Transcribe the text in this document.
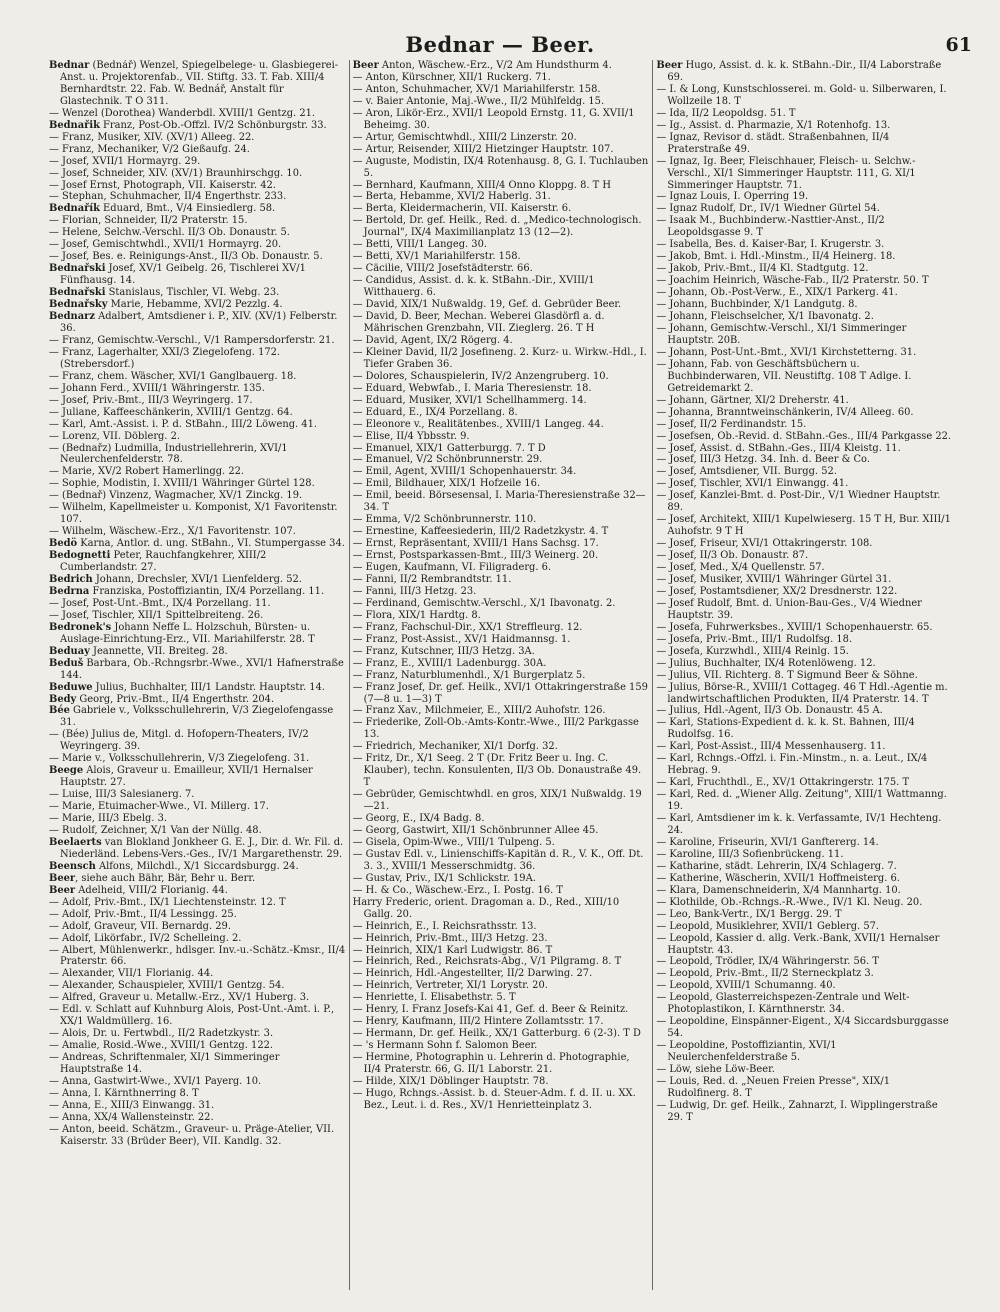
Bednar — Beer.	61

Bednar (Bednář) Wenzel, Spiegelbelege- u. Glasbiegerei-Anst. u. Projektorenfab., VII. Stiftg. 33. T. Fab. XIII/4 Bernhardtstr. 22. Fab. W. Bednář, Anstalt für Glastechnik. T O 311.

— Wenzel (Dorothea) Wanderbdl. XVIII/1 Gentzg. 21.

Bednařik Franz, Post-Ob.-Offzl. IV/2 Schönburgstr. 33.

— Franz, Musiker, XIV. (XV/1) Alleeg. 22.

— Franz, Mechaniker, V/2 Gießaufg. 24.

— Josef, XVII/1 Hormayrg. 29.

— Josef, Schneider, XIV. (XV/1) Braunhirschgg. 10.

— Josef Ernst, Photograph, VII. Kaiserstr. 42.

— Stephan, Schuhmacher, II/4 Engerthstr. 233.

Bednařík Eduard, Bmt., V/4 Einsiedlerg. 58.

— Florian, Schneider, II/2 Praterstr. 15.

— Helene, Selchw.-Verschl. II/3 Ob. Donaustr. 5.

— Josef, Gemischtwhdl., XVII/1 Hormayrg. 20.

— Josef, Bes. e. Reinigungs-Anst., II/3 Ob. Donaustr. 5.

Bednařski Josef, XV/1 Geibelg. 26, Tischlerei XV/1 Fünfhausg. 14.

Bednařski Stanislaus, Tischler, VI. Webg. 23.

Bednařsky Marie, Hebamme, XVI/2 Pezzlg. 4.

Bednarz Adalbert, Amtsdiener i. P., XIV. (XV/1) Felberstr. 36.

— Franz, Gemischtw.-Verschl., V/1 Rampersdorferstr. 21.

— Franz, Lagerhalter, XXI/3 Ziegelofeng. 172. (Strebersdorf.)

— Franz, chem. Wäscher, XVI/1 Ganglbauerg. 18.

— Johann Ferd., XVIII/1 Währingerstr. 135.

— Josef, Priv.-Bmt., III/3 Weyringerg. 17.

— Juliane, Kaffeeschänkerin, XVIII/1 Gentzg. 64.

— Karl, Amt.-Assist. i. P. d. StBahn., III/2 Löweng. 41.

— Lorenz, VII. Döblerg. 2.

— (Bednařz) Ludmilla, Industriellehrerin, XVI/1 Neulerchenfelderstr. 78.

— Marie, XV/2 Robert Hamerlingg. 22.

— Sophie, Modistin, I. XVIII/1 Währinger Gürtel 128.

— (Bednař) Vinzenz, Wagmacher, XV/1 Zinckg. 19.

— Wilhelm, Kapellmeister u. Komponist, X/1 Favoritenstr. 107.

— Wilhelm, Wäschew.-Erz., X/1 Favoritenstr. 107.

Bedö Karna, Antlor. d. ung. StBahn., VI. Stumpergasse 34.

Bedognetti Peter, Rauchfangkehrer, XIII/2 Cumberlandstr. 27.

Bedrich Johann, Drechsler, XVI/1 Lienfelderg. 52.

Bedrna Franziska, Postoffiziantin, IX/4 Porzellang. 11.

— Josef, Post-Unt.-Bmt., IX/4 Porzellang. 11.

— Josef, Tischler, XII/1 Spittelbreiteng. 26.

Bedronek's Johann Neffe L. Holzschuh, Bürsten- u. Auslage-Einrichtung-Erz., VII. Mariahilferstr. 28. T

Beduay Jeannette, VII. Breiteg. 28.

Beduš Barbara, Ob.-Rchngsrbr.-Wwe., XVI/1 Hafnerstraße 144.

Beduwe Julius, Buchhalter, III/1 Landstr. Hauptstr. 14.

Bedy Georg, Priv.-Bmt., II/4 Engerthstr. 204.

Bée Gabriele v., Volksschullehrerin, V/3 Ziegelofengasse 31.

— (Bée) Julius de, Mitgl. d. Hofopern-Theaters, IV/2 Weyringerg. 39.

— Marie v., Volksschullehrerin, V/3 Ziegelofeng. 31.

Beege Alois, Graveur u. Emailleur, XVII/1 Hernalser Hauptstr. 27.

— Luise, III/3 Salesianerg. 7.

— Marie, Etuimacher-Wwe., VI. Millerg. 17.

— Marie, III/3 Ebelg. 3.

— Rudolf, Zeichner, X/1 Van der Nüllg. 48.

Beelaerts van Blokland Jonkheer G. E. J., Dir. d. Wr. Fil. d. Niederländ. Lebens-Vers.-Ges., IV/1 Margarethenstr. 29.

Beensch Alfons, Milchdl., X/1 Siccardsburgg. 24.

Beer, siehe auch Bähr, Bär, Behr u. Berr.

Beer Adelheid, VIII/2 Florianig. 44.

— Adolf, Priv.-Bmt., IX/1 Liechtensteinstr. 12. T

— Adolf, Priv.-Bmt., II/4 Lessingg. 25.

— Adolf, Graveur, VII. Bernardg. 29.

— Adolf, Likörfabr., IV/2 Schelleing. 2.

— Albert, Mühlenwerkr., hdlsger. Inv.-u.-Schätz.-Kmsr., II/4 Praterstr. 66.

— Alexander, VII/1 Florianig. 44.

— Alexander, Schauspieler, XVIII/1 Gentzg. 54.

— Alfred, Graveur u. Metallw.-Erz., XV/1 Huberg. 3.

— Edl. v. Schlatt auf Kuhnburg Alois, Post-Unt.-Amt. i. P., XX/1 Waldmüllerg. 16.

— Alois, Dr. u. Fertwbdl., II/2 Radetzkystr. 3.

— Amalie, Rosid.-Wwe., XVIII/1 Gentzg. 122.

— Andreas, Schriftenmaler, XI/1 Simmeringer Hauptstraße 14.

— Anna, Gastwirt-Wwe., XVI/1 Payerg. 10.

— Anna, I. Kärnthnerring 8. T

— Anna, E., XIII/3 Einwangg. 31.

— Anna, XX/4 Wallensteinstr. 22.

— Anton, beeid. Schätzm., Graveur- u. Präge-Atelier, VII. Kaiserstr. 33 (Brüder Beer), VII. Kandlg. 32.

Beer Anton, Wäschew.-Erz., V/2 Am Hundsthurm 4.

— Anton, Kürschner, XII/1 Ruckerg. 71.

— Anton, Schuhmacher, XV/1 Mariahilferstr. 158.

— v. Baier Antonie, Maj.-Wwe., II/2 Mühlfeldg. 15.

— Aron, Likör-Erz., XVII/1 Leopold Ernstg. 11, G. XVII/1 Beheimg. 30.

— Artur, Gemischtwhdl., XIII/2 Linzerstr. 20.

— Artur, Reisender, XIII/2 Hietzinger Hauptstr. 107.

— Auguste, Modistin, IX/4 Rotenhausg. 8, G. I. Tuchlauben 5.

— Bernhard, Kaufmann, XIII/4 Onno Kloppg. 8. T H

— Berta, Hebamme, XVI/2 Haberlg. 31.

— Berta, Kleidermacherin, VII. Kaiserstr. 6.

— Bertold, Dr. gef. Heilk., Red. d. „Medico-technologisch. Journal", IX/4 Maximilianplatz 13 (12—2).

— Betti, VIII/1 Langeg. 30.

— Betti, XV/1 Mariahilferstr. 158.

— Cäcilie, VIII/2 Josefstädterstr. 66.

— Candidus, Assist. d. k. k. StBahn.-Dir., XVIII/1 Witthauerg. 6.

— David, XIX/1 Nußwaldg. 19, Gef. d. Gebrüder Beer.

— David, D. Beer, Mechan. Weberei Glasdörfl a. d. Mährischen Grenzbahn, VII. Zieglerg. 26. T H

— David, Agent, IX/2 Rögerg. 4.

— Kleiner David, II/2 Josefineng. 2. Kurz- u. Wirkw.-Hdl., I. Tiefer Graben 36.

— Dolores, Schauspielerin, IV/2 Anzengruberg. 10.

— Eduard, Webwfab., I. Maria Theresienstr. 18.

— Eduard, Musiker, XVI/1 Schellhammerg. 14.

— Eduard, E., IX/4 Porzellang. 8.

— Eleonore v., Realitätenbes., XVIII/1 Langeg. 44.

— Elise, II/4 Ybbsstr. 9.

— Emanuel, XIX/1 Gatterburgg. 7. T D

— Emanuel, V/2 Schönbrunnerstr. 29.

— Emil, Agent, XVIII/1 Schopenhauerstr. 34.

— Emil, Bildhauer, XIX/1 Hofzeile 16.

— Emil, beeid. Börsesensal, I. Maria-Theresienstraße 32—34. T

— Emma, V/2 Schönbrunnerstr. 110.

— Ernestine, Kaffeesiederin, III/2 Radetzkystr. 4. T

— Ernst, Repräsentant, XVIII/1 Hans Sachsg. 17.

— Ernst, Postsparkassen-Bmt., III/3 Weinerg. 20.

— Eugen, Kaufmann, VI. Filigraderg. 6.

— Fanni, II/2 Rembrandtstr. 11.

— Fanni, III/3 Hetzg. 23.

— Ferdinand, Gemischtw.-Verschl., X/1 Ibavonatg. 2.

— Flora, XIX/1 Hardtg. 8.

— Franz, Fachschul-Dir., XX/1 Streffleurg. 12.

— Franz, Post-Assist., XV/1 Haidmannsg. 1.

— Franz, Kutschner, III/3 Hetzg. 3A.

— Franz, E., XVIII/1 Ladenburgg. 30A.

— Franz, Naturblumenhdl., X/1 Burgerplatz 5.

— Franz Josef, Dr. gef. Heilk., XVI/1 Ottakringerstraße 159 (7—8 u. 1—3) T

— Franz Xav., Milchmeier, E., XIII/2 Auhofstr. 126.

— Friederike, Zoll-Ob.-Amts-Kontr.-Wwe., III/2 Parkgasse 13.

— Friedrich, Mechaniker, XI/1 Dorfg. 32.

— Fritz, Dr., X/1 Seeg. 2 T (Dr. Fritz Beer u. Ing. C. Klauber), techn. Konsulenten, II/3 Ob. Donaustraße 49. T

— Gebrüder, Gemischtwhdl. en gros, XIX/1 Nußwaldg. 19—21.

— Georg, E., IX/4 Badg. 8.

— Georg, Gastwirt, XII/1 Schönbrunner Allee 45.

— Gisela, Opim-Wwe., VIII/1 Tulpeng. 5.

— Gustav Edl. v., Linienschiffs-Kapitän d. R., V. K., Off. Dt. 3. 3., XVIII/1 Messerschmidtg. 36.

— Gustav, Priv., IX/1 Schlickstr. 19A.

— H. & Co., Wäschew.-Erz., I. Postg. 16. T

Harry Frederic, orient. Dragoman a. D., Red., XIII/10 Gallg. 20.

— Heinrich, E., I. Reichsrathsstr. 13.

— Heinrich, Priv.-Bmt., III/3 Hetzg. 23.

— Heinrich, XIX/1 Karl Ludwigstr. 86. T

— Heinrich, Red., Reichsrats-Abg., V/1 Pilgramg. 8. T

— Heinrich, Hdl.-Angestellter, II/2 Darwing. 27.

— Heinrich, Vertreter, XI/1 Lorystr. 20.

— Henriette, I. Elisabethstr. 5. T

— Henry, I. Franz Josefs-Kai 41, Gef. d. Beer & Reinitz.

— Henry, Kaufmann, III/2 Hintere Zollamtsstr. 17.

— Hermann, Dr. gef. Heilk., XX/1 Gatterburg. 6 (2-3). T D

— 's Hermann Sohn f. Salomon Beer.

— Hermine, Photographin u. Lehrerin d. Photographie, II/4 Praterstr. 66, G. II/1 Laborstr. 21.

— Hilde, XIX/1 Döblinger Hauptstr. 78.

— Hugo, Rchngs.-Assist. b. d. Steuer-Adm. f. d. II. u. XX. Bez., Leut. i. d. Res., XV/1 Henrietteinplatz 3.

Beer Hugo, Assist. d. k. k. StBahn.-Dir., II/4 Laborstraße 69.

— I. & Long, Kunstschlosserei. m. Gold- u. Silberwaren, I. Wollzeile 18. T

— Ida, II/2 Leopoldsg. 51. T

— Ig., Assist. d. Pharmazie, X/1 Rotenhofg. 13.

— Ignaz, Revisor d. städt. Straßenbahnen, II/4 Praterstraße 49.

— Ignaz, Ig. Beer, Fleischhauer, Fleisch- u. Selchw.-Verschl., XI/1 Simmeringer Hauptstr. 111, G. XI/1 Simmeringer Hauptstr. 71.

— Ignaz Louis, I. Operring 19.

— Ignaz Rudolf, Dr., IV/1 Wiedner Gürtel 54.

— Isaak M., Buchbinderw.-Nasttier-Anst., II/2 Leopoldsgasse 9. T

— Isabella, Bes. d. Kaiser-Bar, I. Krugerstr. 3.

— Jakob, Bmt. i. Hdl.-Minstm., II/4 Heinerg. 18.

— Jakob, Priv.-Bmt., II/4 Kl. Stadtgutg. 12.

— Joachim Heinrich, Wäsche-Fab., II/2 Praterstr. 50. T

— Johann, Ob.-Post-Verw., E., XIX/1 Parkerg. 41.

— Johann, Buchbinder, X/1 Landgutg. 8.

— Johann, Fleischselcher, X/1 Ibavonatg. 2.

— Johann, Gemischtw.-Verschl., XI/1 Simmeringer Hauptstr. 20B.

— Johann, Post-Unt.-Bmt., XVI/1 Kirchstetterng. 31.

— Johann, Fab. von Geschäftsbüchern u. Buchbinderwaren, VII. Neustiftg. 108 T Adlge. I. Getreidemarkt 2.

— Johann, Gärtner, XI/2 Dreherstr. 41.

— Johanna, Branntweinschänkerin, IV/4 Alleeg. 60.

— Josef, II/2 Ferdinandstr. 15.

— Josefsen, Ob.-Revid. d. StBahn.-Ges., III/4 Parkgasse 22.

— Josef, Assist. d. StBahn.-Ges., III/4 Kleistg. 11.

— Josef, III/3 Hetzg. 34. Inh. d. Beer & Co.

— Josef, Amtsdiener, VII. Burgg. 52.

— Josef, Tischler, XVI/1 Einwangg. 41.

— Josef, Kanzlei-Bmt. d. Post-Dir., V/1 Wiedner Hauptstr. 89.

— Josef, Architekt, XIII/1 Kupelwieserg. 15 T H, Bur. XIII/1 Auhofstr. 9 T H

— Josef, Friseur, XVI/1 Ottakringerstr. 108.

— Josef, II/3 Ob. Donaustr. 87.

— Josef, Med., X/4 Quellenstr. 57.

— Josef, Musiker, XVIII/1 Währinger Gürtel 31.

— Josef, Postamtsdiener, XX/2 Dresdnerstr. 122.

— Josef Rudolf, Bmt. d. Union-Bau-Ges., V/4 Wiedner Hauptstr. 39.

— Josefa, Fuhrwerksbes., XVIII/1 Schopenhauerstr. 65.

— Josefa, Priv.-Bmt., III/1 Rudolfsg. 18.

— Josefa, Kurzwhdl., XIII/4 Reinlg. 15.

— Julius, Buchhalter, IX/4 Rotenlöweng. 12.

— Julius, VII. Richterg. 8. T Sigmund Beer & Söhne.

— Julius, Börse-R., XVIII/1 Cottageg. 46 T Hdl.-Agentie m. landwirtschaftlichen Produkten, II/4 Praterstr. 14. T

— Julius, Hdl.-Agent, II/3 Ob. Donaustr. 45 A.

— Karl, Stations-Expedient d. k. k. St. Bahnen, III/4 Rudolfsg. 16.

— Karl, Post-Assist., III/4 Messenhauserg. 11.

— Karl, Rchngs.-Offzl. i. Fin.-Minstm., n. a. Leut., IX/4 Hebrag. 9.

— Karl, Fruchthdl., E., XV/1 Ottakringerstr. 175. T

— Karl, Red. d. „Wiener Allg. Zeitung", XIII/1 Wattmanng. 19.

— Karl, Amtsdiener im k. k. Verfassamte, IV/1 Hechteng. 24.

— Karoline, Friseurin, XVI/1 Ganftererg. 14.

— Karoline, III/3 Sofienbrückeng. 11.

— Katharine, städt. Lehrerin, IX/4 Schlagerg. 7.

— Katherine, Wäscherin, XVII/1 Hoffmeisterg. 6.

— Klara, Damenschneiderin, X/4 Mannhartg. 10.

— Klothilde, Ob.-Rchngs.-R.-Wwe., IV/1 Kl. Neug. 20.

— Leo, Bank-Vertr., IX/1 Bergg. 29. T

— Leopold, Musiklehrer, XVII/1 Geblerg. 57.

— Leopold, Kassier d. allg. Verk.-Bank, XVII/1 Hernalser Hauptstr. 43.

— Leopold, Trödler, IX/4 Währingerstr. 56. T

— Leopold, Priv.-Bmt., II/2 Sterneckplatz 3.

— Leopold, XVIII/1 Schumanng. 40.

— Leopold, Glasterreichspezen-Zentrale und Welt-Photoplastikon, I. Kärnthnerstr. 34.

— Leopoldine, Einspänner-Eigent., X/4 Siccardsburggasse 54.

— Leopoldine, Postoffiziantin, XVI/1 Neulerchenfelderstraße 5.

— Löw, siehe Löw-Beer.

— Louis, Red. d. „Neuen Freien Presse", XIX/1 Rudolfinerg. 8. T

— Ludwig, Dr. gef. Heilk., Zahnarzt, I. Wipplingerstraße 29. T
